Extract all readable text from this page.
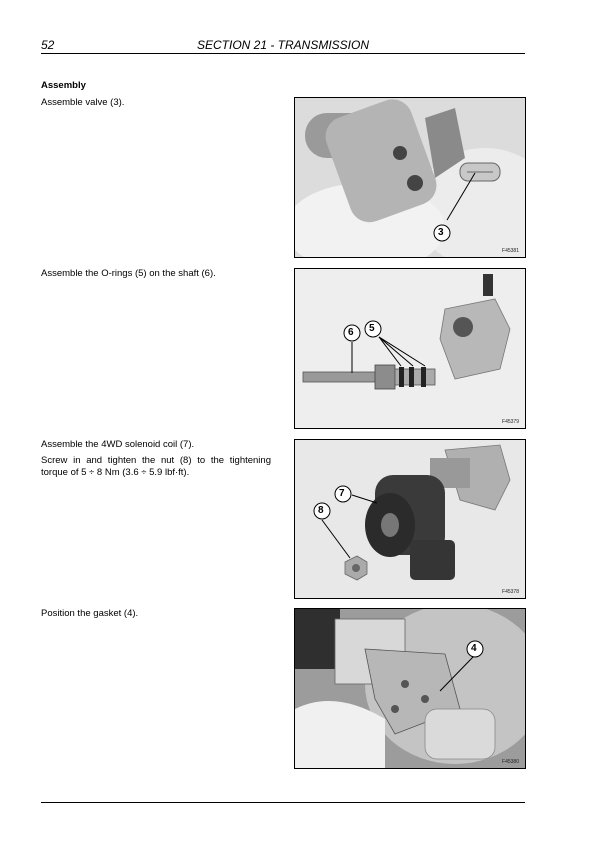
52	SECTION 21 - TRANSMISSION
Assembly
Assemble valve (3).
3
F45381
Assemble the O-rings (5) on the shaft (6).
6 5
F45379
Assemble the 4WD solenoid coil (7).
Screw in and tighten the nut (8) to the tightening torque of 5 ÷ 8 Nm (3.6 ÷ 5.9 lbf·ft).
7
8
F45378
Position the gasket (4).
4
F45380
